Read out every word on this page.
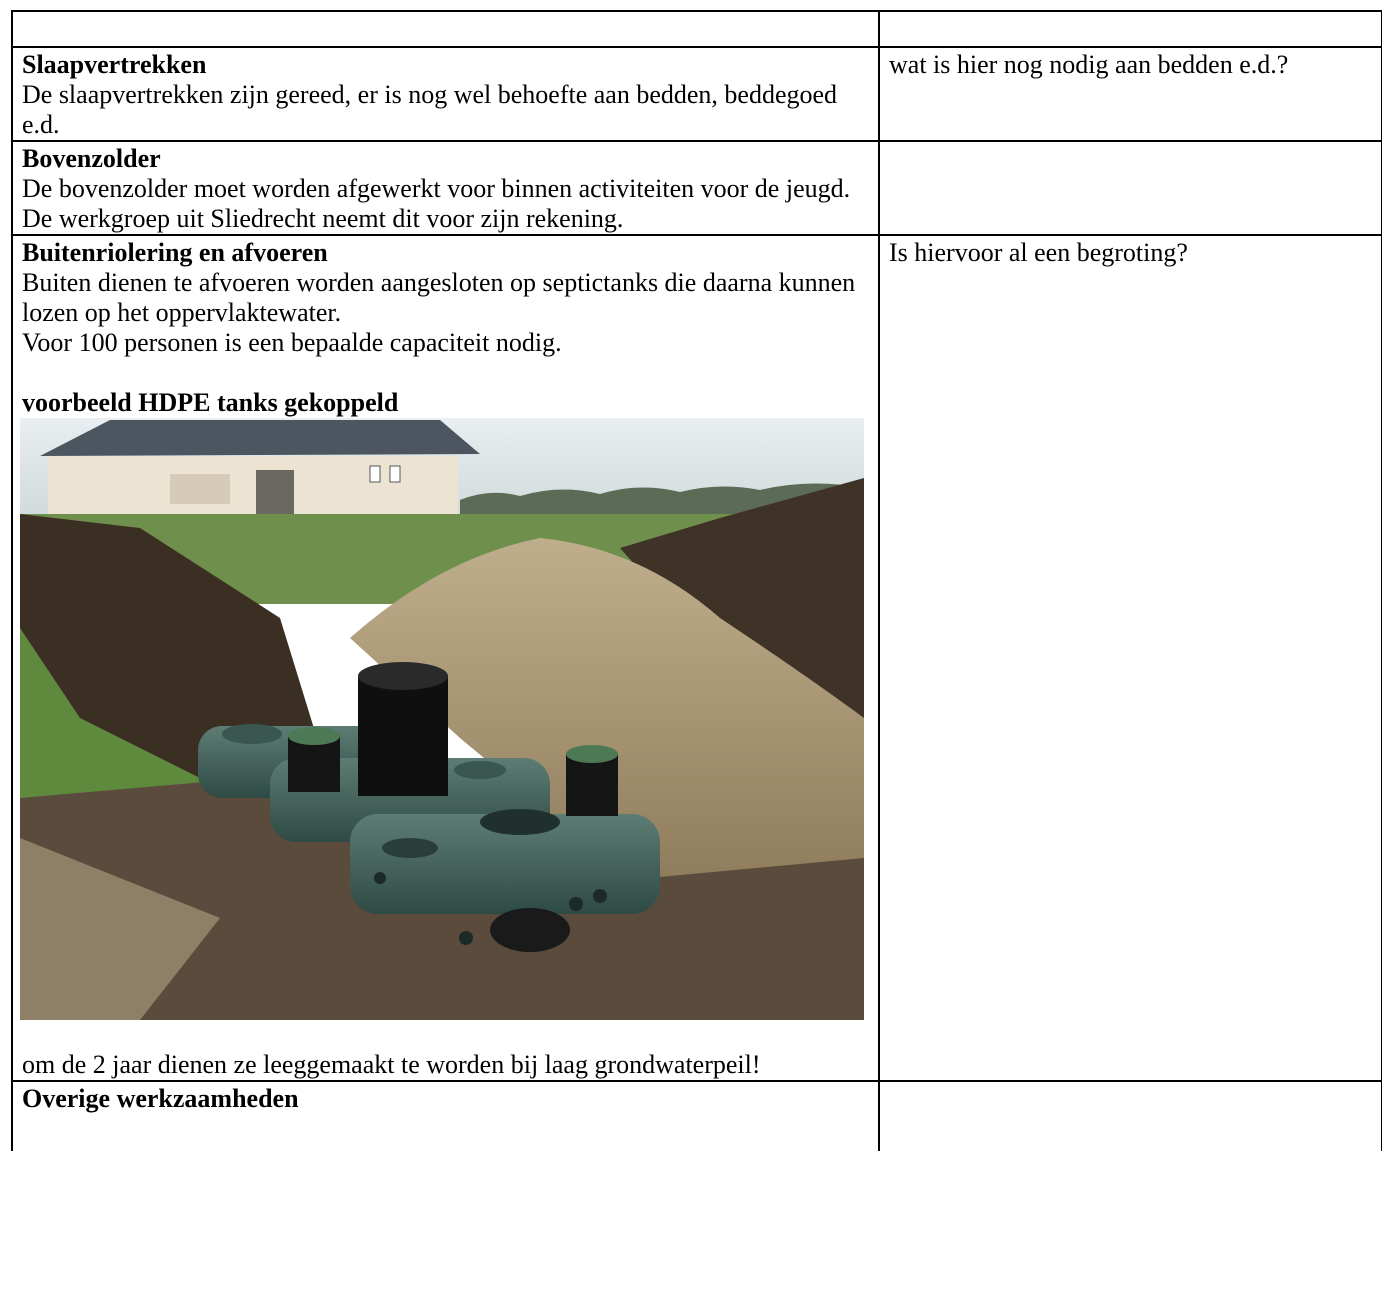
Slaapvertrekken
De slaapvertrekken zijn gereed, er is nog wel behoefte aan bedden, beddegoed e.d.	wat is hier nog nodig aan bedden e.d.?

Bovenzolder
De bovenzolder moet worden afgewerkt voor binnen activiteiten voor de jeugd.
De werkgroep uit Sliedrecht neemt dit voor zijn rekening.	

Buitenriolering en afvoeren
Buiten dienen te afvoeren worden aangesloten op septictanks die daarna kunnen lozen op het oppervlaktewater.
Voor 100 personen is een bepaalde capaciteit nodig.
voorbeeld HDPE tanks gekoppeld
om de 2 jaar dienen ze leeggemaakt te worden bij laag grondwaterpeil!	Is hiervoor al een begroting?

Overige werkzaamheden	
